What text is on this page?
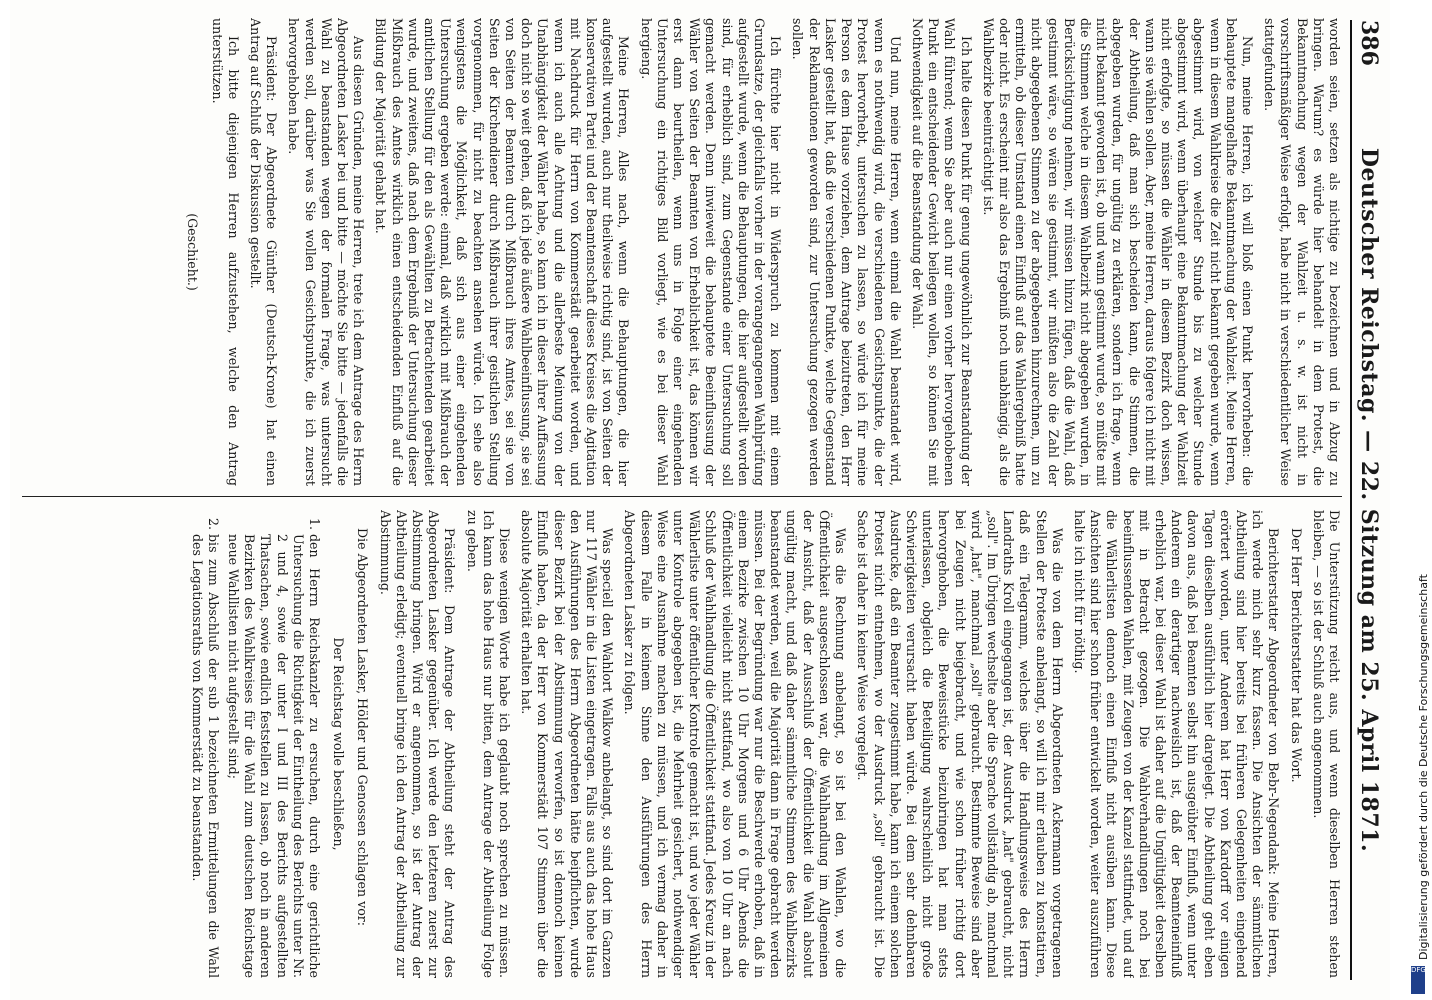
386
Deutscher Reichstag. — 22. Sitzung am 25. April 1871.

worden seien, setzen als nichtige zu bezeichnen und in Abzug zu bringen. Warum? es würde hier behandelt in dem Protest, die Bekanntmachung wegen der Wahlzeit u. s. w. ist nicht in vorschriftsmäßiger Weise erfolgt, habe nicht in verschiedentlicher Weise stattgefunden.

Nun, meine Herren, ich will bloß einen Punkt hervorheben: die behauptete mangelhafte Bekanntmachung der Wahlzeit. Meine Herren, wenn in diesem Wahlkreise die Zeit nicht bekannt gegeben wurde, wenn abgestimmt wird, von welcher Stunde bis zu welcher Stunde abgestimmt wird, wenn überhaupt eine Bekanntmachung der Wahlzeit nicht erfolgte, so müssen die Wähler in diesem Bezirk doch wissen, wann sie wählen sollen. Aber, meine Herren, daraus folgere ich nicht mit der Abtheilung, daß man sich bescheiden kann, die Stimmen, die abgegeben wurden, für ungültig zu erklären, sondern ich frage, wenn nicht bekannt geworden ist, ob und wann gestimmt wurde, so müßte mit die Stimmen welche in diesem Wahlbezirk nicht abgegeben wurden, in Berücksichtigung nehmen, wir müssen hinzu fügen, daß die Wahl, daß gestimmt wäre, so wären sie gestimmt, wir müßten also die Zahl der nicht abgegebenen Stimmen zu der abgegebenen hinzurechnen, um zu ermitteln, ob dieser Umstand einen Einfluß auf das Wahlergebniß hatte oder nicht. Es erscheint mir also das Ergebniß noch unabhängig, als die Wahlbezirke beeinträchtigt ist.

Ich halte diesen Punkt für genug ungewöhnlich zur Beanstandung der Wahl führend; wenn Sie aber auch nur einen vorher hervorgehobenen Punkt ein entscheidender Gewicht beilegen wollen, so können Sie mit Nothwendigkeit auf die Beanstandung der Wahl.

Und nun, meine Herren, wenn einmal die Wahl beanstandet wird, wenn es nothwendig wird, die verschiedenen Gesichtspunkte, die der Protest hervorhebt, untersuchen zu lassen, so würde ich für meine Person es dem Hause vorziehen, dem Antrage beizutreten, den Herr Lasker gestellt hat, daß die verschiedenen Punkte, welche Gegenstand der Reklamationen geworden sind, zur Untersuchung gezogen werden sollen.

Ich fürchte hier nicht in Widerspruch zu kommen mit einem Grundsatze, der gleichfalls vorher in der vorangegangenen Wahlprüfung aufgestellt wurde, wenn die Behauptungen, die hier aufgestellt worden sind, für erheblich sind, zum Gegenstande einer Untersuchung soll gemacht werden. Denn inwieweit die behauptete Beeinflussung der Wähler von Seiten der Beamten von Erheblichkeit ist, das können wir erst dann beurtheilen, wenn uns in Folge einer eingehenden Untersuchung ein richtiges Bild vorliegt, wie es bei dieser Wahl hergieng.

Meine Herren, Alles nach, wenn die Behauptungen, die hier aufgestellt wurden, auch nur theilweise richtig sind, ist von Seiten der konservativen Partei und der Beamtenschaft dieses Kreises die Agitation mit Nachdruck für Herrn von Kommerstädt gearbeitet worden, und wenn ich auch alle Achtung und die allerbeste Meinung von der Unabhängigkeit der Wähler habe, so kann ich in dieser ihrer Auffassung doch nicht so weit gehen, daß ich jede äußere Wahlbeeinflussung, sie sei von Seiten der Beamten durch Mißbrauch ihres Amtes, sei sie von Seiten der Kirchendiener durch Mißbrauch ihrer geistlichen Stellung vorgenommen, für nicht zu beachten ansehen würde. Ich sehe also wenigstens die Möglichkeit, daß sich aus einer eingehenden Untersuchung ergeben werde: einmal, daß wirklich mit Mißbrauch der amtlichen Stellung für den als Gewählten zu Betrachtenden gearbeitet wurde, und zweitens, daß nach dem Ergebniß der Untersuchung dieser Mißbrauch des Amtes wirklich einen entscheidenden Einfluß auf die Bildung der Majorität gehabt hat.

Aus diesen Gründen, meine Herren, trete ich dem Antrage des Herrn Abgeordneten Lasker bei und bitte — möchte Sie bitte — jedenfalls die Wahl zu beanstanden wegen der formalen Frage, was untersucht werden soll, darüber was Sie wollen Gesichtspunkte, die ich zuerst hervorgehoben habe.

Präsident: Der Abgeordnete Günther (Deutsch-Krone) hat einen Antrag auf Schluß der Diskussion gestellt.

Ich bitte diejenigen Herren aufzustehen, welche den Antrag unterstützen.

(Geschieht.)

Die Unterstützung reicht aus, und wenn dieselben Herren stehen bleiben, — so ist der Schluß auch angenommen.

Der Herr Berichterstatter hat das Wort.

Berichterstatter Abgeordneter von Bebr-Negendank: Meine Herren, ich werde mich sehr kurz fassen. Die Ansichten der sämmtlichen Abtheilung sind hier bereits bei früheren Gelegenheiten eingehend erörtert worden, unter Anderem hat Herr von Kardorff vor einigen Tagen dieselben ausführlich hier dargelegt. Die Abtheilung geht eben davon aus, daß bei Beamten selbst hin ausgeübter Einfluß, wenn unter Anderem ein derartiger nachweislich ist, daß der Beamteneinfluß erheblich war, bei dieser Wahl ist daher auf die Ungültigkeit derselben mit in Betracht gezogen. Die Wahlverhandlungen noch bei beeinflussenden Wahlen, mit Zeugen von der Kanzel stattfindet, und auf die Wählerlisten dennoch einen Einfluß nicht ausüben kann. Diese Ansichten sind hier schon früher entwickelt worden, weiter auszuführen halte ich nicht für nöthig.

Was die von dem Herrn Abgeordneten Ackermann vorgetragenen Stellen der Proteste anbelangt, so will ich mir erlauben zu konstatiren, daß ein Telegramm, welches über die Handlungsweise des Herrn Landraths Kroll eingegangen ist, der Ausdruck „hat" gebraucht, nicht „soll". Im Übrigen wechselte aber die Sprache vollständig ab, manchmal wird „hat", manchmal „soll" gebraucht. Bestimmte Beweise sind aber bei Zeugen nicht beigebracht, und wie schon früher richtig dort hervorgehoben, die Beweisstücke beizubringen hat man stets unterlassen, obgleich die Beteiligung wahrscheinlich nicht große Schwierigkeiten verursacht haben würde. Bei dem sehr dehnbaren Ausdrucke, daß ein Beamter zugestimmt habe, kann ich einem solchen Protest nicht entnehmen, wo der Ausdruck „soll" gebraucht ist. Die Sache ist daher in keiner Weise vorgelegt.

Was die Rechnung anbelangt, so ist bei den Wahlen, wo die Öffentlichkeit ausgeschlossen war, die Wahlhandlung im Allgemeinen der Ansicht, daß der Ausschluß der Öffentlichkeit die Wahl absolut ungültig macht, und daß daher sämmtliche Stimmen des Wahlbezirks beanstandet werden, weil die Majorität dann in Frage gebracht werden müssen. Bei der Begründung war nur die Beschwerde erhoben, daß in einem Bezirke zwischen 10 Uhr Morgens und 6 Uhr Abends die Öffentlichkeit vielleicht nicht stattfand, wo also von 10 Uhr an nach Schluß der Wahlhandlung die Öffentlichkeit stattfand. Jedes Kreuz in der Wählerliste unter öffentlicher Kontrole gemacht ist, und wo jeder Wähler unter Kontrole abgegeben ist, die Mehrheit gesichert, nothwendiger Weise eine Ausnahme machen zu müssen, und ich vermag daher in diesem Falle in keinem Sinne den Ausführungen des Herrn Abgeordneten Lasker zu folgen.

Was speciell den Wahlort Walkow anbelangt, so sind dort im Ganzen nur 117 Wähler in die Listen eingetragen. Falls aus auch das hohe Haus den Ausführungen des Herrn Abgeordneten hätte beipflichten, wurde dieser Bezirk bei der Abstimmung verworfen, so ist dennoch keinen Einfluß haben, da der Herr von Kommerstädt 107 Stimmen über die absolute Majorität erhalten hat.

Diese wenigen Worte habe ich geglaubt noch sprechen zu müssen. Ich kann das hohe Haus nur bitten, dem Antrage der Abtheilung Folge zu geben.

Präsident: Dem Antrage der Abtheilung steht der Antrag des Abgeordneten Lasker gegenüber. Ich werde den letzteren zuerst zur Abstimmung bringen. Wird er angenommen, so ist der Antrag der Abtheilung erledigt; eventuell bringe ich den Antrag der Abtheilung zur Abstimmung.

Die Abgeordneten Lasker, Hölder und Genossen schlagen vor:

Der Reichstag wolle beschließen,

1. den Herrn Reichskanzler zu ersuchen, durch eine gerichtliche Untersuchung die Richtigkeit der Eintheilung des Berichts unter Nr. 2 und 4, sowie der unter I und III des Berichts aufgestellten Thatsachen, sowie endlich feststellen zu lassen, ob noch in anderen Bezirken des Wahlkreises für die Wahl zum deutschen Reichstage neue Wahllisten nicht aufgestellt sind;
2. bis zum Abschluß der sub 1 bezeichneten Ermittelungen die Wahl des Legationsraths von Kommerstädt zu beanstanden.	Digitalisierung gefördert durch die Deutsche Forschungsgemeinschaft
DFG
